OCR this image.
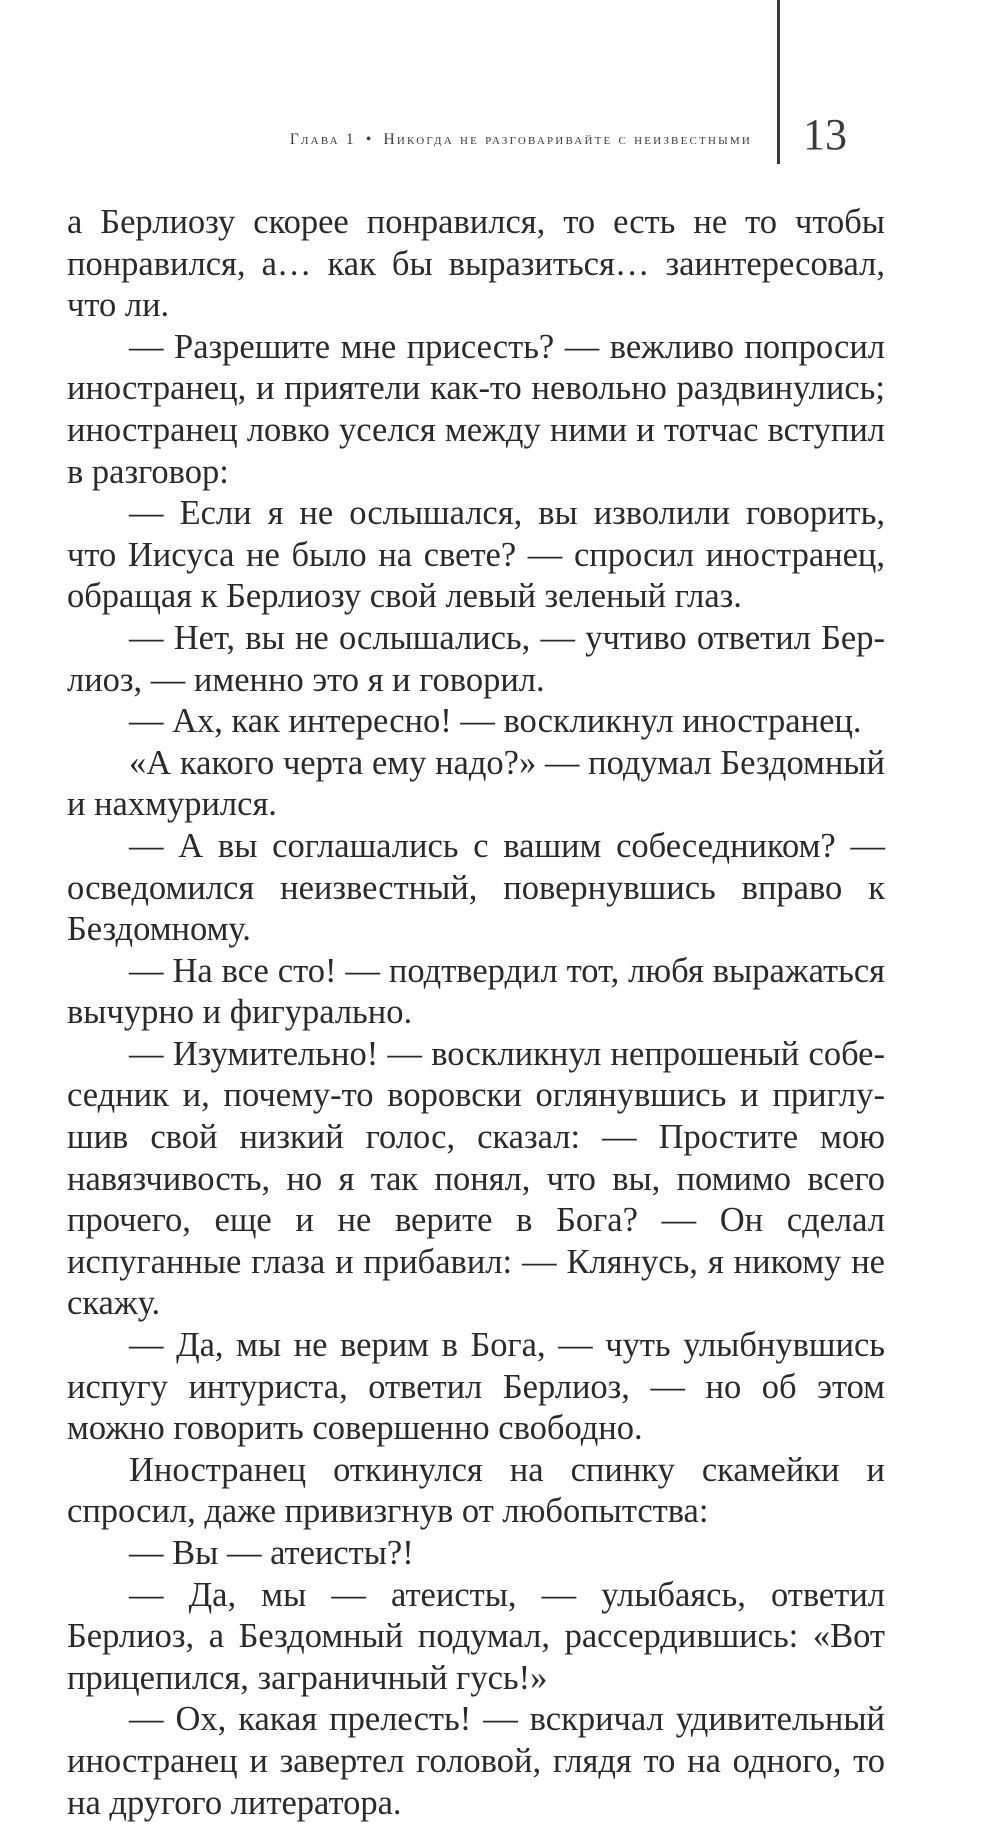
Глава 1 • Никогда не разговаривайте с неизвестными 13

а Берлиозу скорее понравился, то есть не то чтобы понравился, а… как бы выразиться… заинтересовал, что ли.

— Разрешите мне присесть? — вежливо попросил иностранец, и приятели как-то невольно раздвинулись; иностранец ловко уселся между ними и тотчас вступил в разговор:

— Если я не ослышался, вы изволили говорить, что Иисуса не было на свете? — спросил иностранец, обращая к Берлиозу свой левый зеленый глаз.

— Нет, вы не ослышались, — учтиво ответил Берлиоз, — именно это я и говорил.

— Ах, как интересно! — воскликнул иностранец.

«А какого черта ему надо?» — подумал Бездомный и нахмурился.

— А вы соглашались с вашим собеседником? — осведомился неизвестный, повернувшись вправо к Бездомному.

— На все сто! — подтвердил тот, любя выражаться вычурно и фигурально.

— Изумительно! — воскликнул непрошеный собеседник и, почему-то воровски оглянувшись и приглушив свой низкий голос, сказал: — Простите мою навязчивость, но я так понял, что вы, помимо всего прочего, еще и не верите в Бога? — Он сделал испуганные глаза и прибавил: — Клянусь, я никому не скажу.

— Да, мы не верим в Бога, — чуть улыбнувшись испугу интуриста, ответил Берлиоз, — но об этом можно говорить совершенно свободно.

Иностранец откинулся на спинку скамейки и спросил, даже привизгнув от любопытства:

— Вы — атеисты?!

— Да, мы — атеисты, — улыбаясь, ответил Берлиоз, а Бездомный подумал, рассердившись: «Вот прицепился, заграничный гусь!»

— Ох, какая прелесть! — вскричал удивительный иностранец и завертел головой, глядя то на одного, то на другого литератора.
